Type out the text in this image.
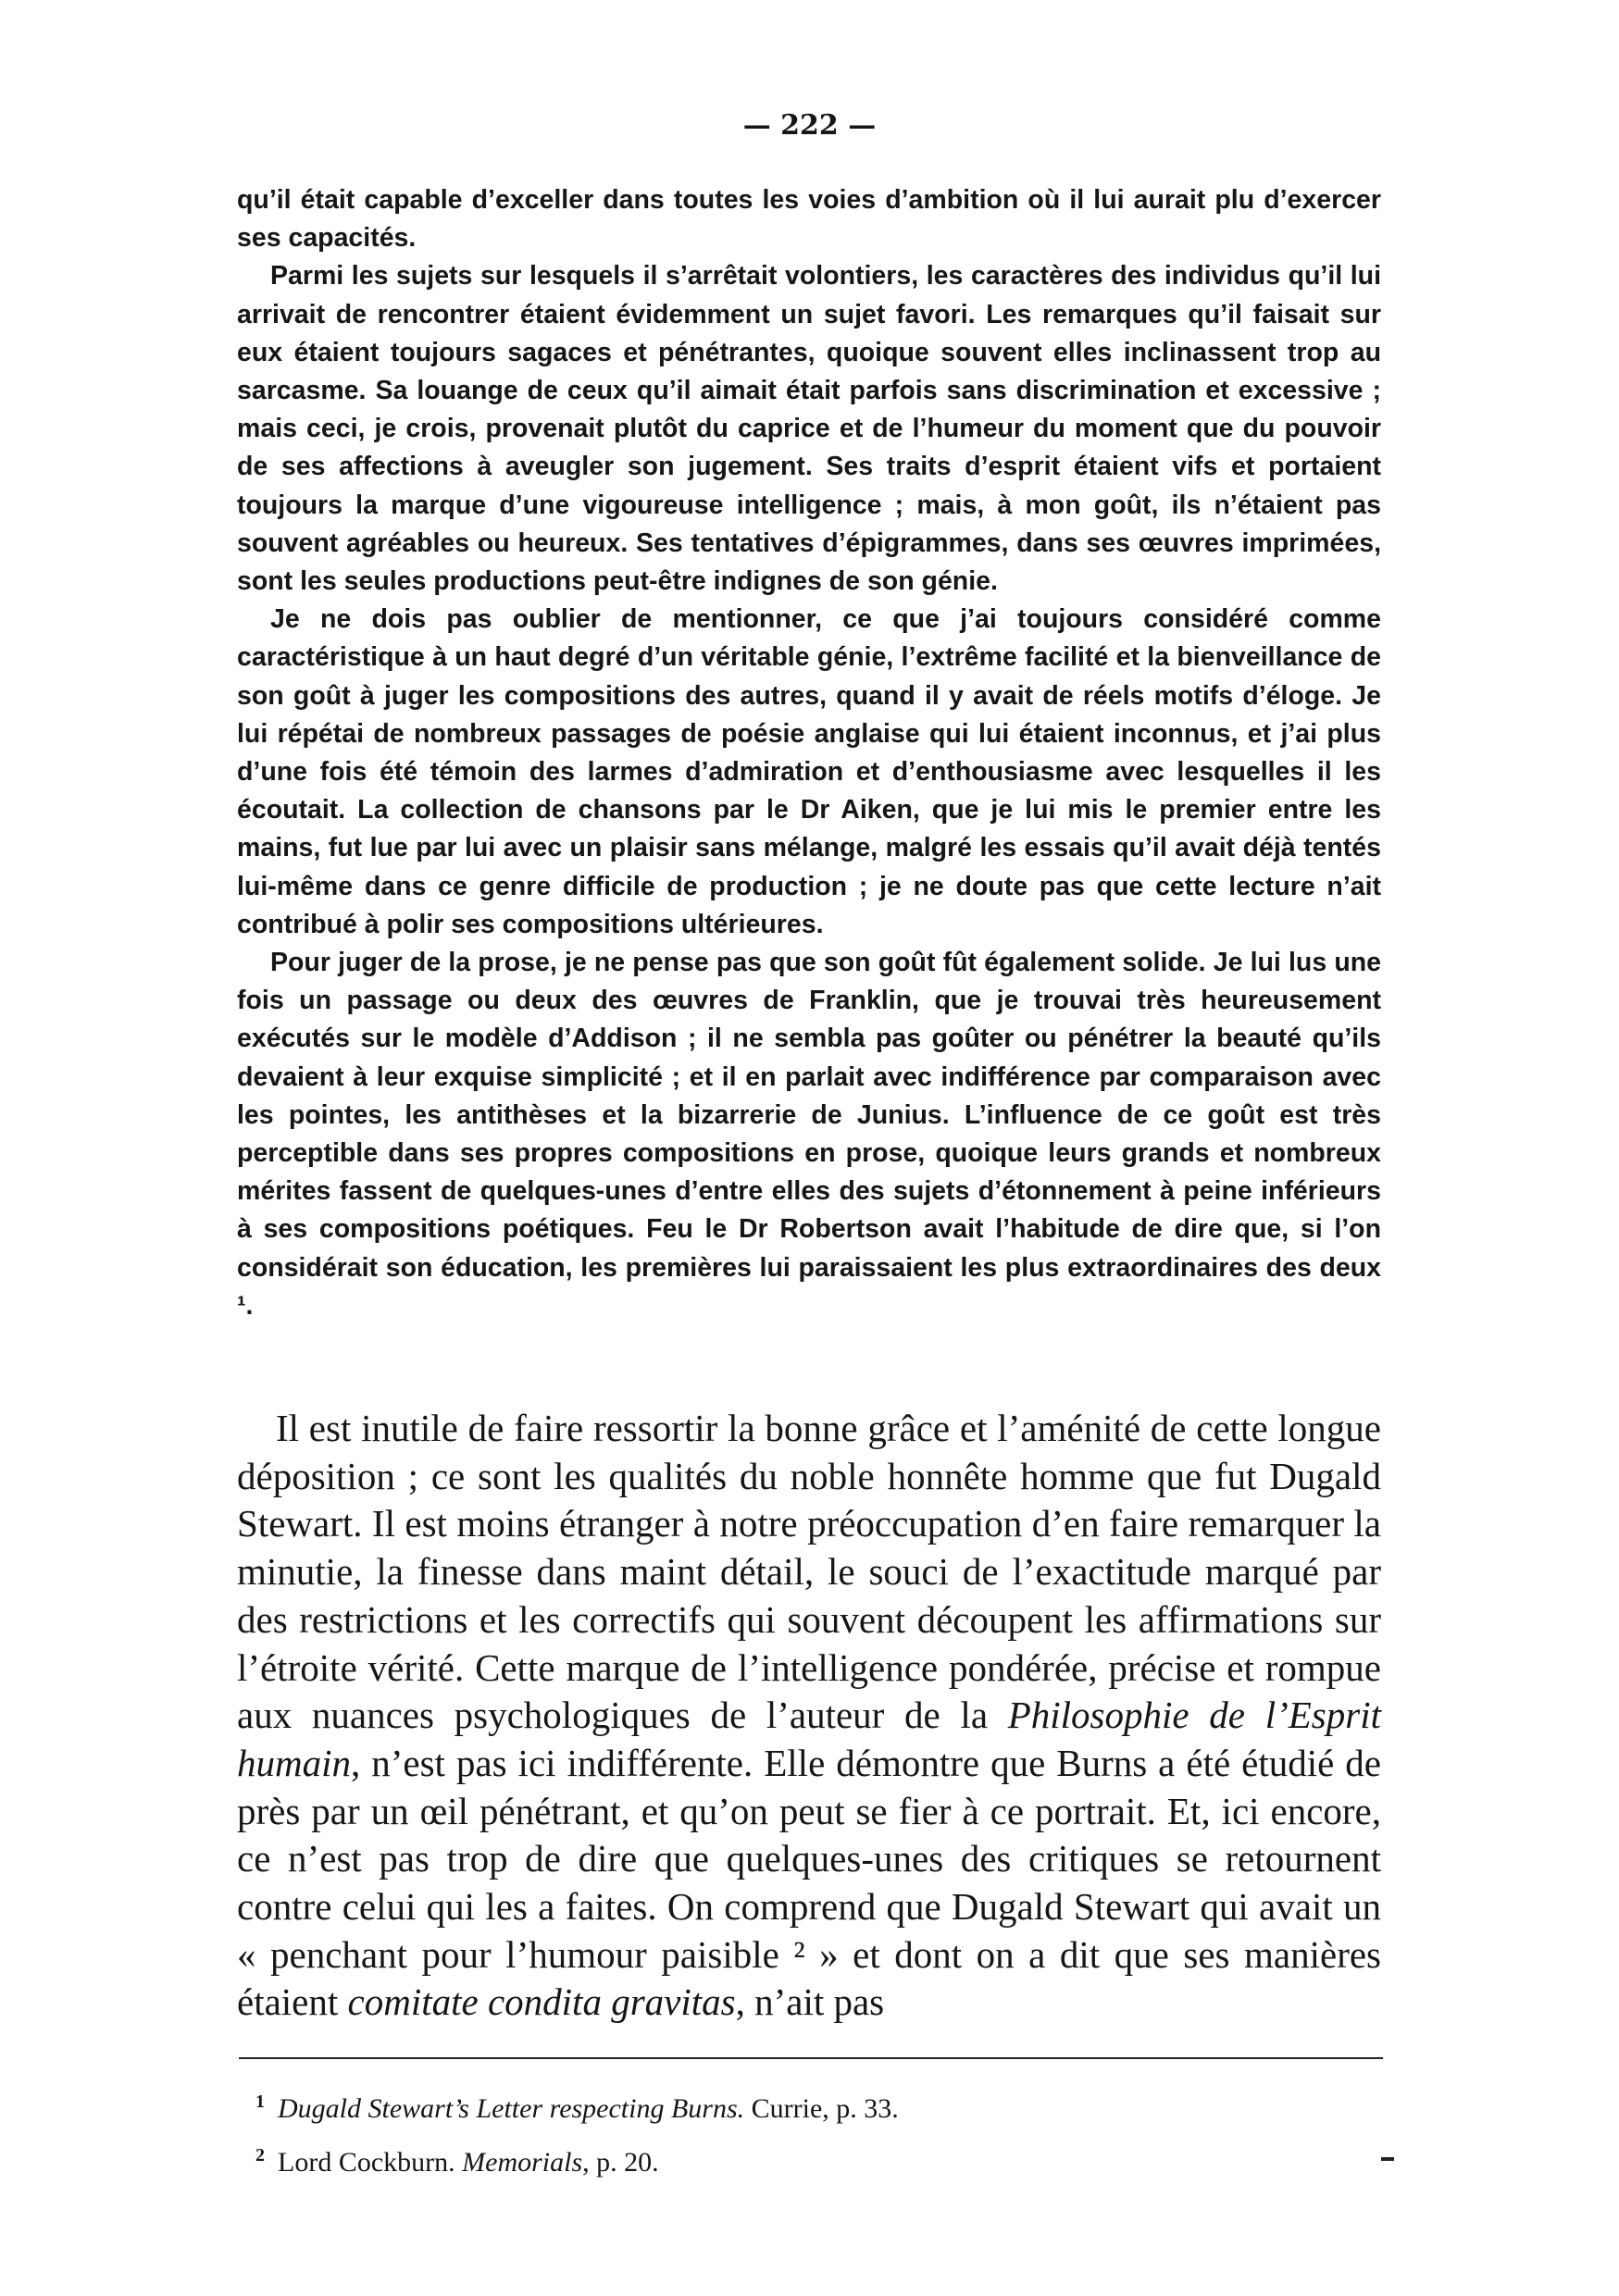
— 222 —

qu’il était capable d’exceller dans toutes les voies d’ambition où il lui aurait plu d’exercer ses capacités.

Parmi les sujets sur lesquels il s’arrêtait volontiers, les caractères des individus qu’il lui arrivait de rencontrer étaient évidemment un sujet favori. Les remarques qu’il faisait sur eux étaient toujours sagaces et pénétrantes, quoique souvent elles inclinassent trop au sarcasme. Sa louange de ceux qu’il aimait était parfois sans discrimination et excessive ; mais ceci, je crois, provenait plutôt du caprice et de l’humeur du moment que du pouvoir de ses affections à aveugler son jugement. Ses traits d’esprit étaient vifs et portaient toujours la marque d’une vigoureuse intelligence ; mais, à mon goût, ils n’étaient pas souvent agréables ou heureux. Ses tentatives d’épigrammes, dans ses œuvres imprimées, sont les seules productions peut-être indignes de son génie.

Je ne dois pas oublier de mentionner, ce que j’ai toujours considéré comme caractéristique à un haut degré d’un véritable génie, l’extrême facilité et la bienveillance de son goût à juger les compositions des autres, quand il y avait de réels motifs d’éloge. Je lui répétai de nombreux passages de poésie anglaise qui lui étaient inconnus, et j’ai plus d’une fois été témoin des larmes d’admiration et d’enthousiasme avec lesquelles il les écoutait. La collection de chansons par le Dr Aiken, que je lui mis le premier entre les mains, fut lue par lui avec un plaisir sans mélange, malgré les essais qu’il avait déjà tentés lui-même dans ce genre difficile de production ; je ne doute pas que cette lecture n’ait contribué à polir ses compositions ultérieures.

Pour juger de la prose, je ne pense pas que son goût fût également solide. Je lui lus une fois un passage ou deux des œuvres de Franklin, que je trouvai très heureusement exécutés sur le modèle d’Addison ; il ne sembla pas goûter ou pénétrer la beauté qu’ils devaient à leur exquise simplicité ; et il en parlait avec indifférence par comparaison avec les pointes, les antithèses et la bizarrerie de Junius. L’influence de ce goût est très perceptible dans ses propres compositions en prose, quoique leurs grands et nombreux mérites fassent de quelques-unes d’entre elles des sujets d’étonnement à peine inférieurs à ses compositions poétiques. Feu le Dr Robertson avait l’habitude de dire que, si l’on considérait son éducation, les premières lui paraissaient les plus extraordinaires des deux ¹.

Il est inutile de faire ressortir la bonne grâce et l’aménité de cette longue déposition ; ce sont les qualités du noble honnête homme que fut Dugald Stewart. Il est moins étranger à notre préoccupation d’en faire remarquer la minutie, la finesse dans maint détail, le souci de l’exactitude marqué par des restrictions et les correctifs qui souvent découpent les affirmations sur l’étroite vérité. Cette marque de l’intelligence pondérée, précise et rompue aux nuances psychologiques de l’auteur de la Philosophie de l’Esprit humain, n’est pas ici indifférente. Elle démontre que Burns a été étudié de près par un œil pénétrant, et qu’on peut se fier à ce portrait. Et, ici encore, ce n’est pas trop de dire que quelques-unes des critiques se retournent contre celui qui les a faites. On comprend que Dugald Stewart qui avait un « penchant pour l’humour paisible ² » et dont on a dit que ses manières étaient comitate condita gravitas, n’ait pas

$^1$ Dugald Stewart’s Letter respecting Burns. Currie, p. 33.
$^2$ Lord Cockburn. Memorials, p. 20.
